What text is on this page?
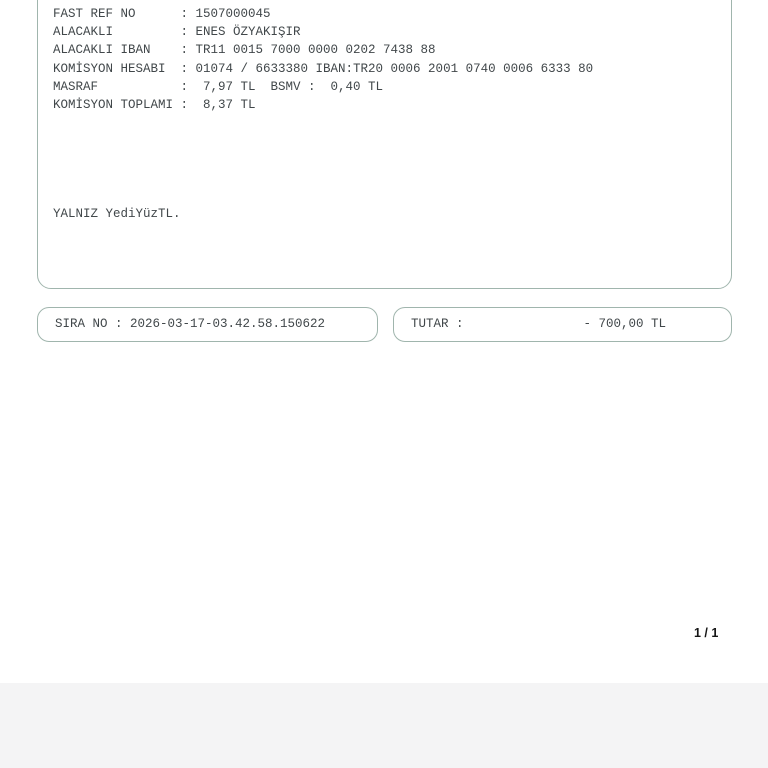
FAST REF NO      : 1507000045
ALACAKLI         : ENES ÖZYAKIŞIR
ALACAKLI IBAN    : TR11 0015 7000 0000 0202 7438 88
KOMİSYON HESABI  : 01074 / 6633380 IBAN:TR20 0006 2001 0740 0006 6333 80
MASRAF           :  7,97 TL  BSMV :  0,40 TL
KOMİSYON TOPLAMI :  8,37 TL
YALNIZ YediYüzTL.
SIRA NO : 2026-03-17-03.42.58.150622	TUTAR :                - 700,00 TL
1 / 1
